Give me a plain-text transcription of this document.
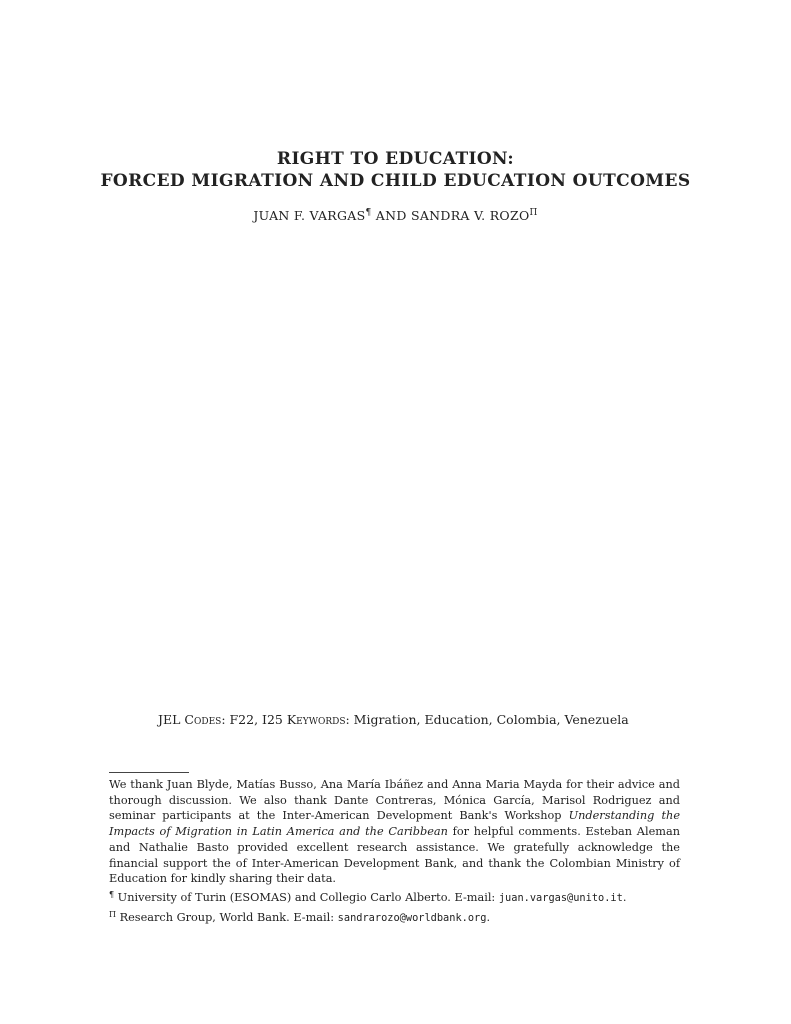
RIGHT TO EDUCATION:
FORCED MIGRATION AND CHILD EDUCATION OUTCOMES
JUAN F. VARGAS¶ AND SANDRA V. $ROZO^\Pi$
JEL Codes: F22, I25 Keywords: Migration, Education, Colombia, Venezuela

We thank Juan Blyde, Matías Busso, Ana María Ibáñez and Anna Maria Mayda for their advice and thorough discussion. We also thank Dante Contreras, Mónica García, Marisol Rodriguez and seminar participants at the Inter-American Development Bank's Workshop Understanding the Impacts of Migration in Latin America and the Caribbean for helpful comments. Esteban Aleman and Nathalie Basto provided excellent research assistance. We gratefully acknowledge the financial support the of Inter-American Development Bank, and thank the Colombian Ministry of Education for kindly sharing their data.

¶ University of Turin (ESOMAS) and Collegio Carlo Alberto. E-mail: juan.vargas@unito.it.

$^\Pi$ Research Group, World Bank. E-mail: sandrarozo@worldbank.org.
